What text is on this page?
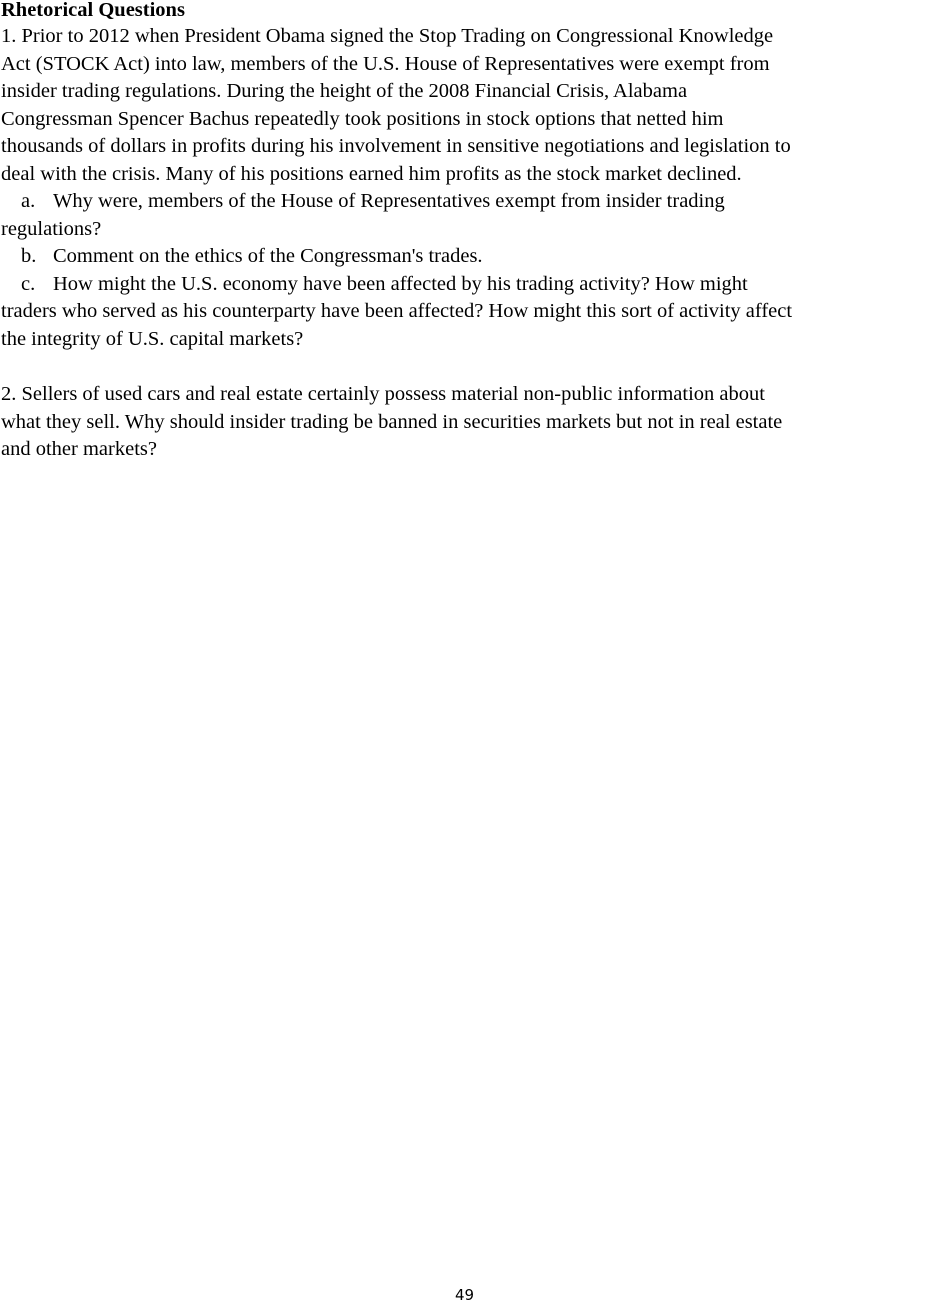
Rhetorical Questions
1. Prior to 2012 when President Obama signed the Stop Trading on Congressional Knowledge
Act (STOCK Act) into law, members of the U.S. House of Representatives were exempt from
insider trading regulations. During the height of the 2008 Financial Crisis, Alabama
Congressman Spencer Bachus repeatedly took positions in stock options that netted him
thousands of dollars in profits during his involvement in sensitive negotiations and legislation to
deal with the crisis. Many of his positions earned him profits as the stock market declined.
a. Why were, members of the House of Representatives exempt from insider trading
regulations?
b. Comment on the ethics of the Congressman's trades.
c. How might the U.S. economy have been affected by his trading activity? How might
traders who served as his counterparty have been affected? How might this sort of activity affect
the integrity of U.S. capital markets?
2. Sellers of used cars and real estate certainly possess material non-public information about
what they sell. Why should insider trading be banned in securities markets but not in real estate
and other markets?
49
